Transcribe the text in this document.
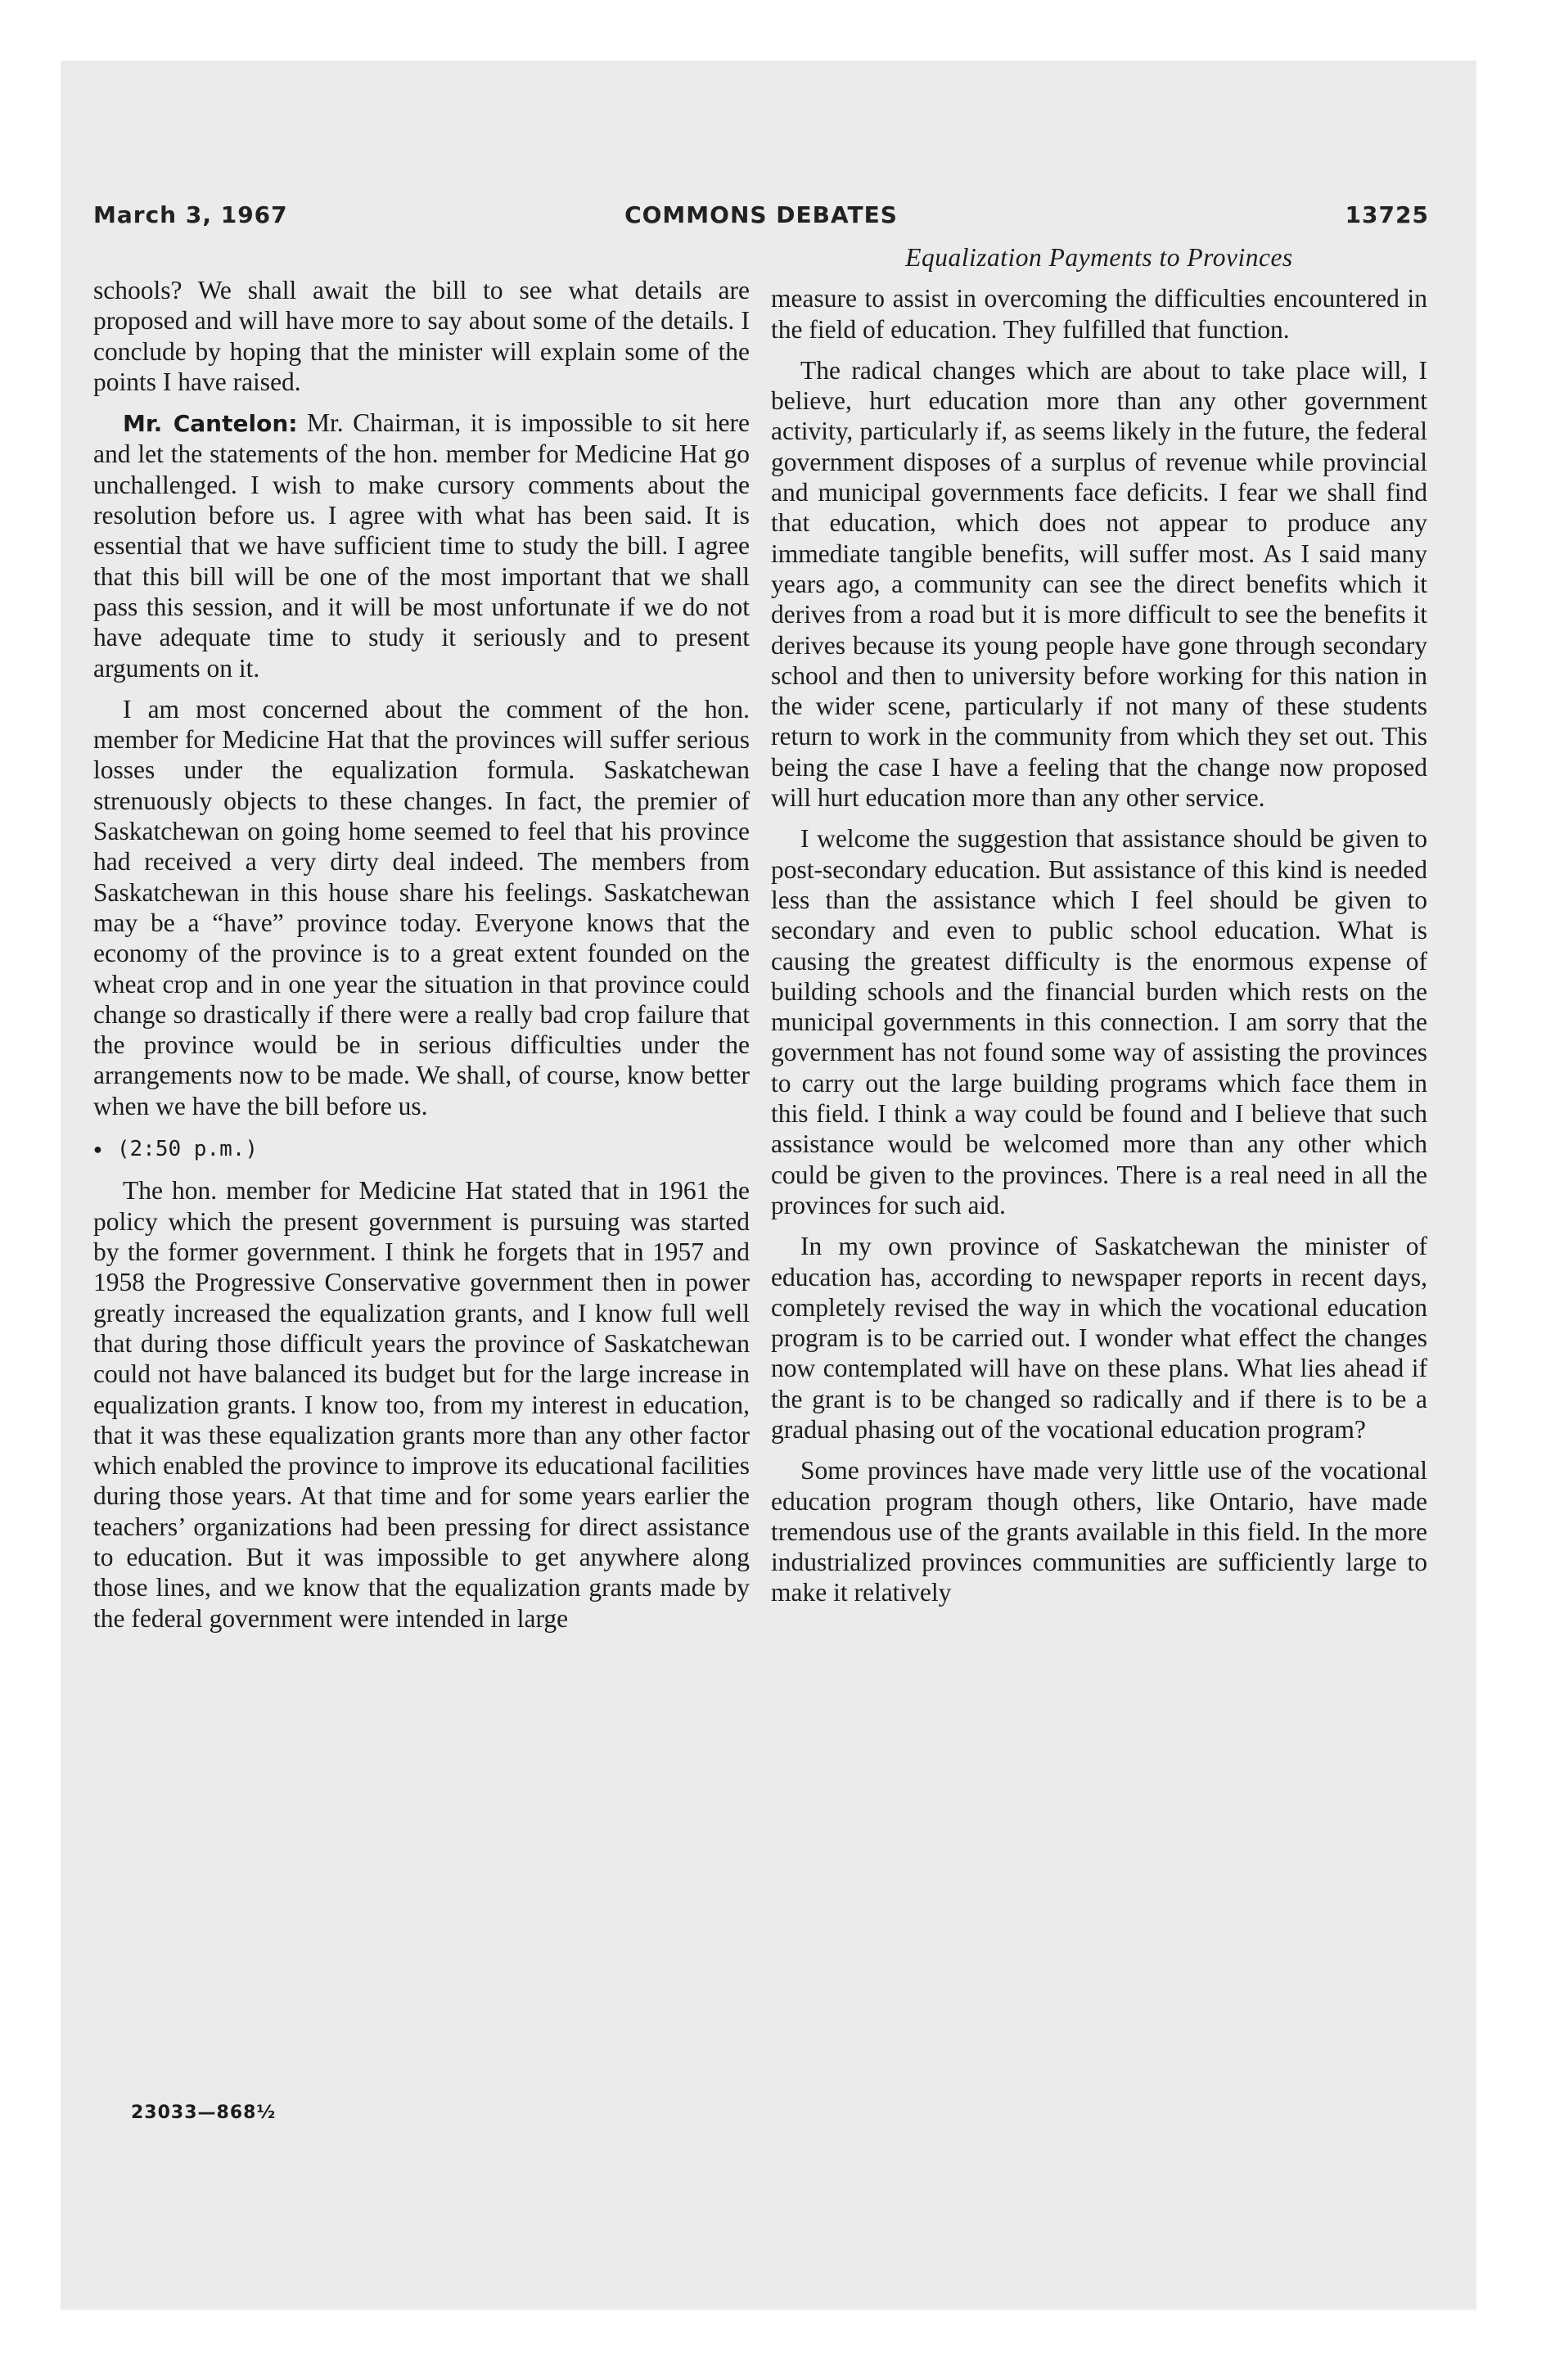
March 3, 1967	COMMONS DEBATES	13725

schools? We shall await the bill to see what details are proposed and will have more to say about some of the details. I conclude by hoping that the minister will explain some of the points I have raised.

Mr. Cantelon: Mr. Chairman, it is impossible to sit here and let the statements of the hon. member for Medicine Hat go unchallenged. I wish to make cursory comments about the resolution before us. I agree with what has been said. It is essential that we have sufficient time to study the bill. I agree that this bill will be one of the most important that we shall pass this session, and it will be most unfortunate if we do not have adequate time to study it seriously and to present arguments on it.

I am most concerned about the comment of the hon. member for Medicine Hat that the provinces will suffer serious losses under the equalization formula. Saskatchewan strenuously objects to these changes. In fact, the premier of Saskatchewan on going home seemed to feel that his province had received a very dirty deal indeed. The members from Saskatchewan in this house share his feelings. Saskatchewan may be a “have” province today. Everyone knows that the economy of the province is to a great extent founded on the wheat crop and in one year the situation in that province could change so drastically if there were a really bad crop failure that the province would be in serious difficulties under the arrangements now to be made. We shall, of course, know better when we have the bill before us.

● (2:50 p.m.)

The hon. member for Medicine Hat stated that in 1961 the policy which the present government is pursuing was started by the former government. I think he forgets that in 1957 and 1958 the Progressive Conservative government then in power greatly increased the equalization grants, and I know full well that during those difficult years the province of Saskatchewan could not have balanced its budget but for the large increase in equalization grants. I know too, from my interest in education, that it was these equalization grants more than any other factor which enabled the province to improve its educational facilities during those years. At that time and for some years earlier the teachers’ organizations had been pressing for direct assistance to education. But it was impossible to get anywhere along those lines, and we know that the equalization grants made by the federal government were intended in large

Equalization Payments to Provinces

measure to assist in overcoming the difficulties encountered in the field of education. They fulfilled that function.

The radical changes which are about to take place will, I believe, hurt education more than any other government activity, particularly if, as seems likely in the future, the federal government disposes of a surplus of revenue while provincial and municipal governments face deficits. I fear we shall find that education, which does not appear to produce any immediate tangible benefits, will suffer most. As I said many years ago, a community can see the direct benefits which it derives from a road but it is more difficult to see the benefits it derives because its young people have gone through secondary school and then to university before working for this nation in the wider scene, particularly if not many of these students return to work in the community from which they set out. This being the case I have a feeling that the change now proposed will hurt education more than any other service.

I welcome the suggestion that assistance should be given to post-secondary education. But assistance of this kind is needed less than the assistance which I feel should be given to secondary and even to public school education. What is causing the greatest difficulty is the enormous expense of building schools and the financial burden which rests on the municipal governments in this connection. I am sorry that the government has not found some way of assisting the provinces to carry out the large building programs which face them in this field. I think a way could be found and I believe that such assistance would be welcomed more than any other which could be given to the provinces. There is a real need in all the provinces for such aid.

In my own province of Saskatchewan the minister of education has, according to newspaper reports in recent days, completely revised the way in which the vocational education program is to be carried out. I wonder what effect the changes now contemplated will have on these plans. What lies ahead if the grant is to be changed so radically and if there is to be a gradual phasing out of the vocational education program?

Some provinces have made very little use of the vocational education program though others, like Ontario, have made tremendous use of the grants available in this field. In the more industrialized provinces communities are sufficiently large to make it relatively

23033—868½
